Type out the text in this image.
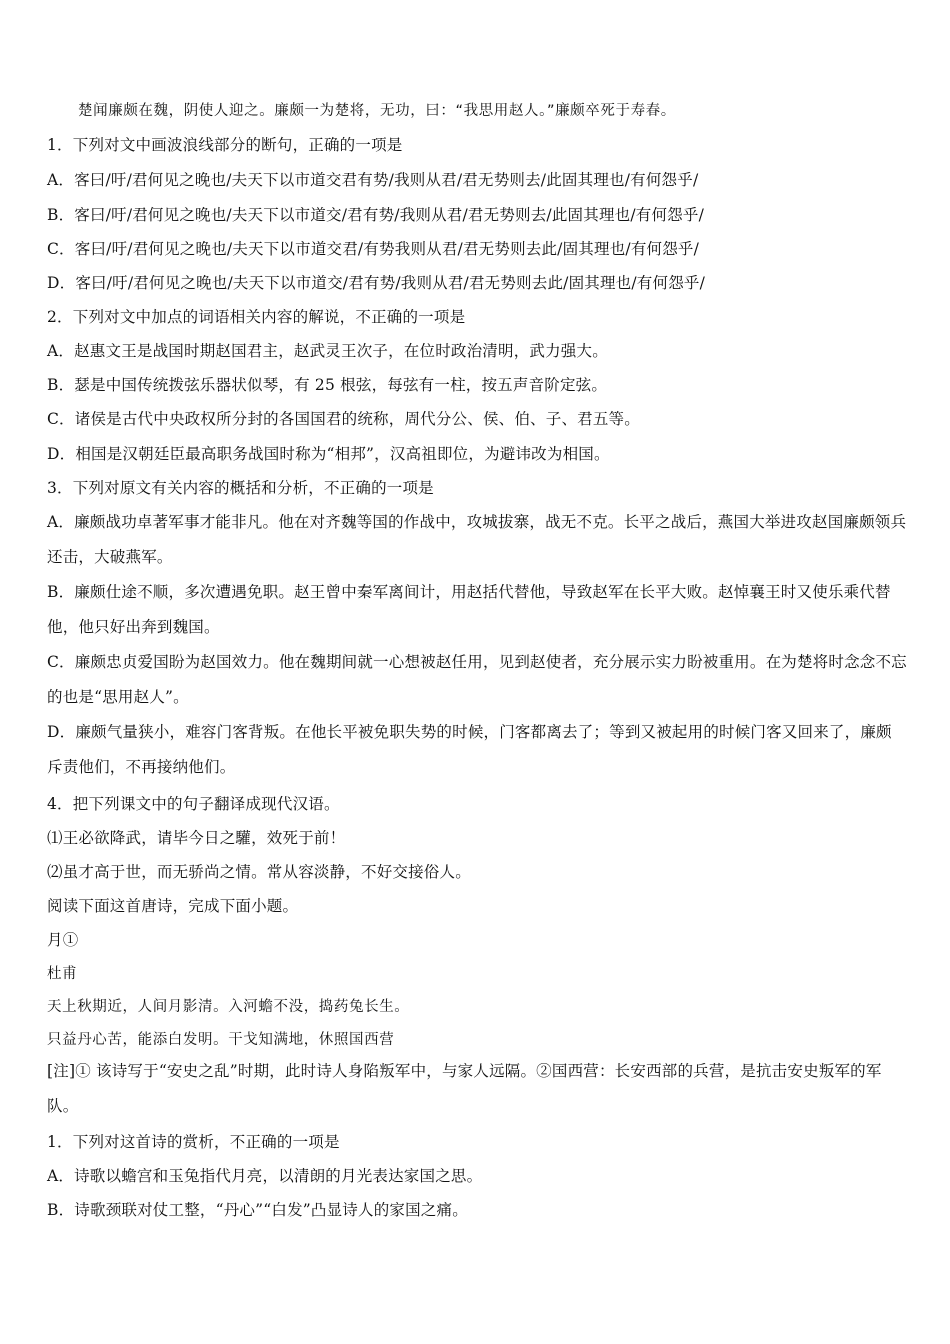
楚闻廉颇在魏，阴使人迎之。廉颇一为楚将，无功，曰：“我思用赵人。”廉颇卒死于寿春。
1．下列对文中画波浪线部分的断句，正确的一项是
A．客曰/吁/君何见之晚也/夫天下以市道交君有势/我则从君/君无势则去/此固其理也/有何怨乎/
B．客曰/吁/君何见之晚也/夫天下以市道交/君有势/我则从君/君无势则去/此固其理也/有何怨乎/
C．客曰/吁/君何见之晚也/夫天下以市道交君/有势我则从君/君无势则去此/固其理也/有何怨乎/
D．客曰/吁/君何见之晚也/夫天下以市道交/君有势/我则从君/君无势则去此/固其理也/有何怨乎/
2．下列对文中加点的词语相关内容的解说，不正确的一项是
A．赵惠文王是战国时期赵国君主，赵武灵王次子，在位时政治清明，武力强大。
B．瑟是中国传统拨弦乐器状似琴，有 25 根弦，每弦有一柱，按五声音阶定弦。
C．诸侯是古代中央政权所分封的各国国君的统称，周代分公、侯、伯、子、君五等。
D．相国是汉朝廷臣最高职务战国时称为“相邦”，汉高祖即位，为避讳改为相国。
3．下列对原文有关内容的概括和分析，不正确的一项是
A．廉颇战功卓著军事才能非凡。他在对齐魏等国的作战中，攻城拔寨，战无不克。长平之战后，燕国大举进攻赵国廉颇领兵还击，大破燕军。
B．廉颇仕途不顺，多次遭遇免职。赵王曾中秦军离间计，用赵括代替他，导致赵军在长平大败。赵悼襄王时又使乐乘代替他，他只好出奔到魏国。
C．廉颇忠贞爱国盼为赵国效力。他在魏期间就一心想被赵任用，见到赵使者，充分展示实力盼被重用。在为楚将时念念不忘的也是“思用赵人”。
D．廉颇气量狭小，难容门客背叛。在他长平被免职失势的时候，门客都离去了；等到又被起用的时候门客又回来了，廉颇斥责他们，不再接纳他们。
4．把下列课文中的句子翻译成现代汉语。
⑴王必欲降武，请毕今日之驩，效死于前！
⑵虽才高于世，而无骄尚之情。常从容淡静，不好交接俗人。
阅读下面这首唐诗，完成下面小题。
月①
杜甫
天上秋期近，人间月影清。入河蟾不没，捣药兔长生。
只益丹心苦，能添白发明。干戈知满地，休照国西营
[注]① 该诗写于“安史之乱”时期，此时诗人身陷叛军中，与家人远隔。②国西营：长安西部的兵营，是抗击安史叛军的军队。
1．下列对这首诗的赏析，不正确的一项是
A．诗歌以蟾宫和玉兔指代月亮，以清朗的月光表达家国之思。
B．诗歌颈联对仗工整，“丹心”“白发”凸显诗人的家国之痛。
